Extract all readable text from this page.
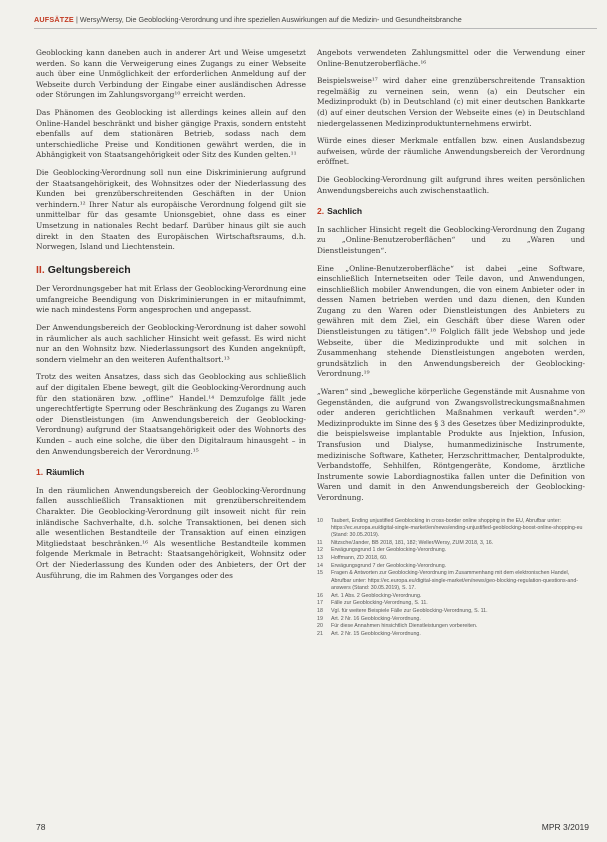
AUFSÄTZE | Wersy/Wersy, Die Geoblocking-Verordnung und ihre speziellen Auswirkungen auf die Medizin- und Gesundheitsbranche

Geoblocking kann daneben auch in anderer Art und Weise umgesetzt werden. So kann die Verweigerung eines Zugangs zu einer Webseite auch über eine Unmöglichkeit der erforderlichen Anmeldung auf der Webseite durch Verbindung der Eingabe einer ausländischen Adresse oder Störungen im Zahlungsvorgang¹⁰ erreicht werden.

Das Phänomen des Geoblocking ist allerdings keines allein auf den Online-Handel beschränkt und bisher gängige Praxis, sondern entsteht ebenfalls auf dem stationären Betrieb, sodass nach dem unterschiedliche Preise und Konditionen gewährt werden, die in Abhängigkeit von Staatsangehörigkeit oder Sitz des Kunden gelten.¹¹

Die Geoblocking-Verordnung soll nun eine Diskriminierung aufgrund der Staatsangehörigkeit, des Wohnsitzes oder der Niederlassung des Kunden bei grenzüberschreitenden Geschäften in der Union verhindern.¹² Ihrer Natur als europäische Verordnung folgend gilt sie unmittelbar für das gesamte Unionsgebiet, ohne dass es einer Umsetzung in nationales Recht bedarf. Darüber hinaus gilt sie auch direkt in den Staaten des Europäischen Wirtschaftsraums, d.h. Norwegen, Island und Liechtenstein.

II. Geltungsbereich

Der Verordnungsgeber hat mit Erlass der Geoblocking-Verordnung eine umfangreiche Beendigung von Diskriminierungen in er mitaufnimmt, wie nach mindestens Form angesprochen und angepasst.

Der Anwendungsbereich der Geoblocking-Verordnung ist daher sowohl in räumlicher als auch sachlicher Hinsicht weit gefasst. Es wird nicht nur an den Wohnsitz bzw. Niederlassungsort des Kunden angeknüpft, sondern vielmehr an den weiteren Aufenthaltsort.¹³

Trotz des weiten Ansatzes, dass sich das Geoblocking aus schließlich auf der digitalen Ebene bewegt, gilt die Geoblocking-Verordnung auch für den stationären bzw. „offline“ Handel.¹⁴ Demzufolge fällt jede ungerechtfertigte Sperrung oder Beschränkung des Zugangs zu Waren oder Dienstleistungen (im Anwendungsbereich der Geoblocking-Verordnung) aufgrund der Staatsangehörigkeit oder des Wohnorts des Kunden – auch eine solche, die über den Digitalraum hinausgeht – in den Anwendungsbereich der Verordnung.¹⁵

1. Räumlich

In den räumlichen Anwendungsbereich der Geoblocking-Verordnung fallen ausschließlich Transaktionen mit grenzüberschreitendem Charakter. Die Geoblocking-Verordnung gilt insoweit nicht für rein inländische Sachverhalte, d.h. solche Transaktionen, bei denen sich alle wesentlichen Bestandteile der Transaktion auf einen einzigen Mitgliedstaat beschränken.¹⁶ Als wesentliche Bestandteile kommen folgende Merkmale in Betracht: Staatsangehörigkeit, Wohnsitz oder Ort der Niederlassung des Kunden oder des Anbieters, der Ort der Ausführung, die im Rahmen des Vorganges oder des

Angebots verwendeten Zahlungsmittel oder die Verwendung einer Online-Benutzeroberfläche.¹⁶

Beispielsweise¹⁷ wird daher eine grenzüberschreitende Transaktion regelmäßig zu verneinen sein, wenn (a) ein Deutscher ein Medizinprodukt (b) in Deutschland (c) mit einer deutschen Bankkarte (d) auf einer deutschen Version der Webseite eines (e) in Deutschland niedergelassenen Medizinproduktunternehmens erwirbt.

Würde eines dieser Merkmale entfallen bzw. einen Auslandsbezug aufweisen, würde der räumliche Anwendungsbereich der Verordnung eröffnet.

Die Geoblocking-Verordnung gilt aufgrund ihres weiten persönlichen Anwendungsbereichs auch zwischenstaatlich.

2. Sachlich

In sachlicher Hinsicht regelt die Geoblocking-Verordnung den Zugang zu „Online-Benutzeroberflächen“ und zu „Waren und Dienstleistungen“.

Eine „Online-Benutzeroberfläche“ ist dabei „eine Software, einschließlich Internetseiten oder Teile davon, und Anwendungen, einschließlich mobiler Anwendungen, die von einem Anbieter oder in dessen Namen betrieben werden und dazu dienen, den Kunden Zugang zu den Waren oder Dienstleistungen des Anbieters zu gewähren mit dem Ziel, ein Geschäft über diese Waren oder Dienstleistungen zu tätigen“.¹⁸ Folglich fällt jede Webshop und jede Webseite, über die Medizinprodukte und mit solchen in Zusammenhang stehende Dienstleistungen angeboten werden, grundsätzlich in den Anwendungsbereich der Geoblocking-Verordnung.¹⁹

„Waren“ sind „bewegliche körperliche Gegenstände mit Ausnahme von Gegenständen, die aufgrund von Zwangsvollstreckungsmaßnahmen oder anderen gerichtlichen Maßnahmen verkauft werden“.²⁰ Medizinprodukte im Sinne des § 3 des Gesetzes über Medizinprodukte, die beispielsweise implantable Produkte aus Injektion, Infusion, Transfusion und Dialyse, humanmedizinische Instrumente, medizinische Software, Katheter, Herzschrittmacher, Dentalprodukte, Verbandstoffe, Sehhilfen, Röntgengeräte, Kondome, ärztliche Instrumente sowie Labordiagnostika fallen unter die Definition von Waren und damit in den Anwendungsbereich der Geoblocking-Verordnung.

10	Taubert, Ending unjustified Geoblocking in cross-border online shopping in the EU, Abrufbar unter: https://ec.europa.eu/digital-single-market/en/news/ending-unjustified-geoblocking-boost-online-shopping-eu (Stand: 30.05.2019).
11	Nitzsche/Jander, BB 2018, 181, 182; Weller/Wersy, ZUM 2018, 3, 16.
12	Erwägungsgrund 1 der Geoblocking-Verordnung.
13	Hoffmann, ZD 2018, 60.
14	Erwägungsgrund 7 der Geoblocking-Verordnung.
15	Fragen & Antworten zur Geoblocking-Verordnung im Zusammenhang mit dem elektronischen Handel, Abrufbar unter: https://ec.europa.eu/digital-single-market/en/news/geo-blocking-regulation-questions-and-answers (Stand: 30.05.2019), S. 17.
16	Art. 1 Abs. 2 Geoblocking-Verordnung.
17	Fälle zur Geoblocking-Verordnung, S. 11.
18	Vgl. für weitere Beispiele Fälle zur Geoblocking-Verordnung, S. 11.
19	Art. 2 Nr. 16 Geoblocking-Verordnung.
20	Für diese Annahmen hinsichtlich Dienstleistungen vorbereiten.
21	Art. 2 Nr. 15 Geoblocking-Verordnung.
78	MPR 3/2019
